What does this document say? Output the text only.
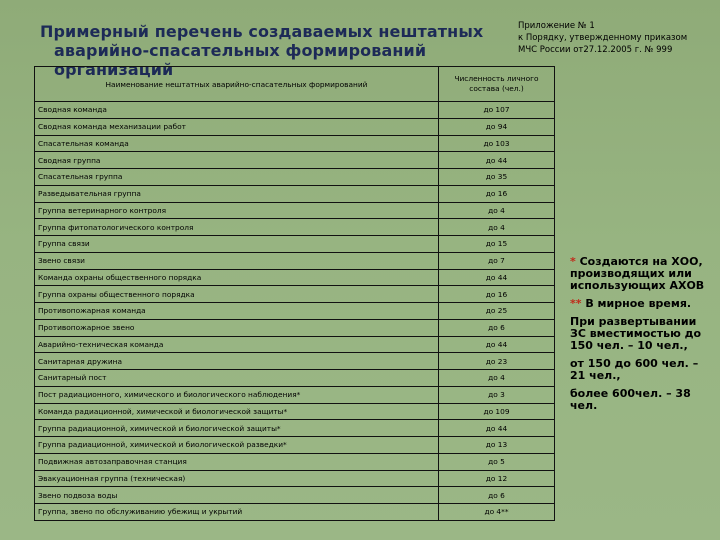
Примерный перечень создаваемых нештатных
аварийно-спасательных формирований организаций
Приложение № 1
к Порядку, утвержденному приказом
МЧС России от27.12.2005 г. № 999
Наименование нештатных аварийно-спасательных формирований	Численность личного состава (чел.)
Сводная команда	до 107
Сводная команда механизации работ	до 94
Спасательная команда	до 103
Сводная группа	до 44
Спасательная группа	до 35
Разведывательная группа	до 16
Группа ветеринарного контроля	до 4
Группа фитопатологического контроля	до 4
Группа связи	до 15
Звено связи	до 7
Команда охраны общественного порядка	до 44
Группа охраны общественного порядка	до 16
Противопожарная команда	до 25
Противопожарное звено	до 6
Аварийно-техническая команда	до 44
Санитарная дружина	до 23
Санитарный пост	до 4
Пост радиационного, химического и биологического наблюдения*	до 3
Команда радиационной, химической и биологической защиты*	до 109
Группа радиационной, химической и биологической защиты*	до 44
Группа радиационной, химической и биологической разведки*	до 13
Подвижная автозаправочная станция	до 5
Эвакуационная группа (техническая)	до 12
Звено подвоза воды	до 6
Группа, звено по обслуживанию убежищ и укрытий	до 4**

* Создаются на ХОО, производящих или использующих АХОВ

** В мирное время.

При развертывании ЗС вместимостью до 150 чел. – 10 чел.,

от 150 до 600 чел. – 21 чел.,

более 600чел. – 38 чел.
